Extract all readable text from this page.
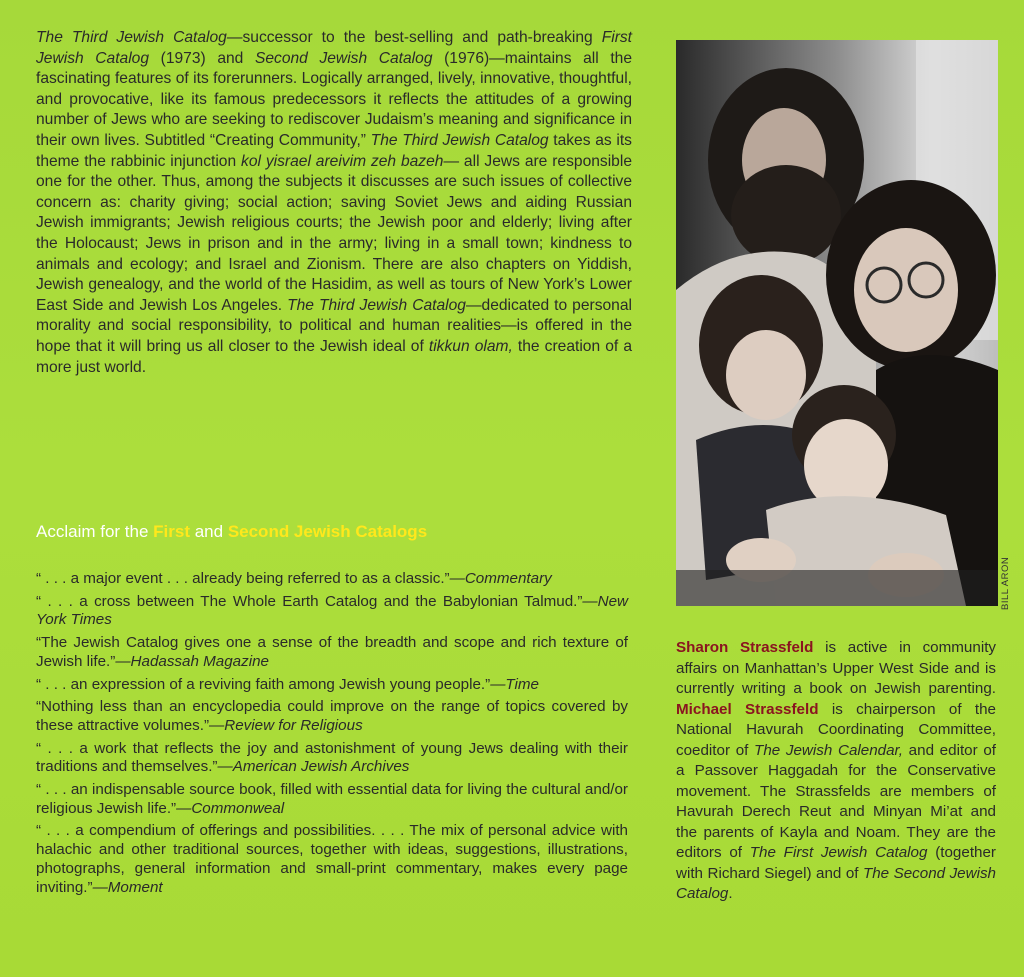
The Third Jewish Catalog—successor to the best-selling and path-breaking First Jewish Catalog (1973) and Second Jewish Catalog (1976)—maintains all the fascinating features of its forerunners. Logically arranged, lively, innovative, thoughtful, and provocative, like its famous predecessors it reflects the attitudes of a growing number of Jews who are seeking to rediscover Judaism’s meaning and significance in their own lives. Subtitled “Creating Community,” The Third Jewish Catalog takes as its theme the rabbinic injunction kol yisrael areivim zeh bazeh— all Jews are responsible one for the other. Thus, among the subjects it discusses are such issues of collective concern as: charity giving; social action; saving Soviet Jews and aiding Russian Jewish immigrants; Jewish religious courts; the Jewish poor and elderly; living after the Holocaust; Jews in prison and in the army; living in a small town; kindness to animals and ecology; and Israel and Zionism. There are also chapters on Yiddish, Jewish genealogy, and the world of the Hasidim, as well as tours of New York’s Lower East Side and Jewish Los Angeles. The Third Jewish Catalog—dedicated to personal morality and social responsibility, to political and human realities—is offered in the hope that it will bring us all closer to the Jewish ideal of tikkun olam, the creation of a more just world.
Acclaim for the First and Second Jewish Catalogs

“ . . . a major event . . . already being referred to as a classic.”—Commentary

“ . . . a cross between The Whole Earth Catalog and the Babylonian Talmud.”—New York Times

“The Jewish Catalog gives one a sense of the breadth and scope and rich texture of Jewish life.”—Hadassah Magazine

“ . . . an expression of a reviving faith among Jewish young people.”—Time

“Nothing less than an encyclopedia could improve on the range of topics covered by these attractive volumes.”—Review for Religious

“ . . . a work that reflects the joy and astonishment of young Jews dealing with their traditions and themselves.”—American Jewish Archives

“ . . . an indispensable source book, filled with essential data for living the cultural and/or religious Jewish life.”—Commonweal

“ . . . a compendium of offerings and possibilities. . . . The mix of personal advice with halachic and other traditional sources, together with ideas, suggestions, illustrations, photographs, general information and small-print commentary, makes every page inviting.”—Moment

BILL ARON
Sharon Strassfeld is active in community affairs on Manhattan’s Upper West Side and is currently writing a book on Jewish parenting. Michael Strassfeld is chairperson of the National Havurah Coordinating Committee, coeditor of The Jewish Calendar, and editor of a Passover Haggadah for the Conservative movement. The Strassfelds are members of Havurah Derech Reut and Minyan Mi’at and the parents of Kayla and Noam. They are the editors of The First Jewish Catalog (together with Richard Siegel) and of The Second Jewish Catalog.
